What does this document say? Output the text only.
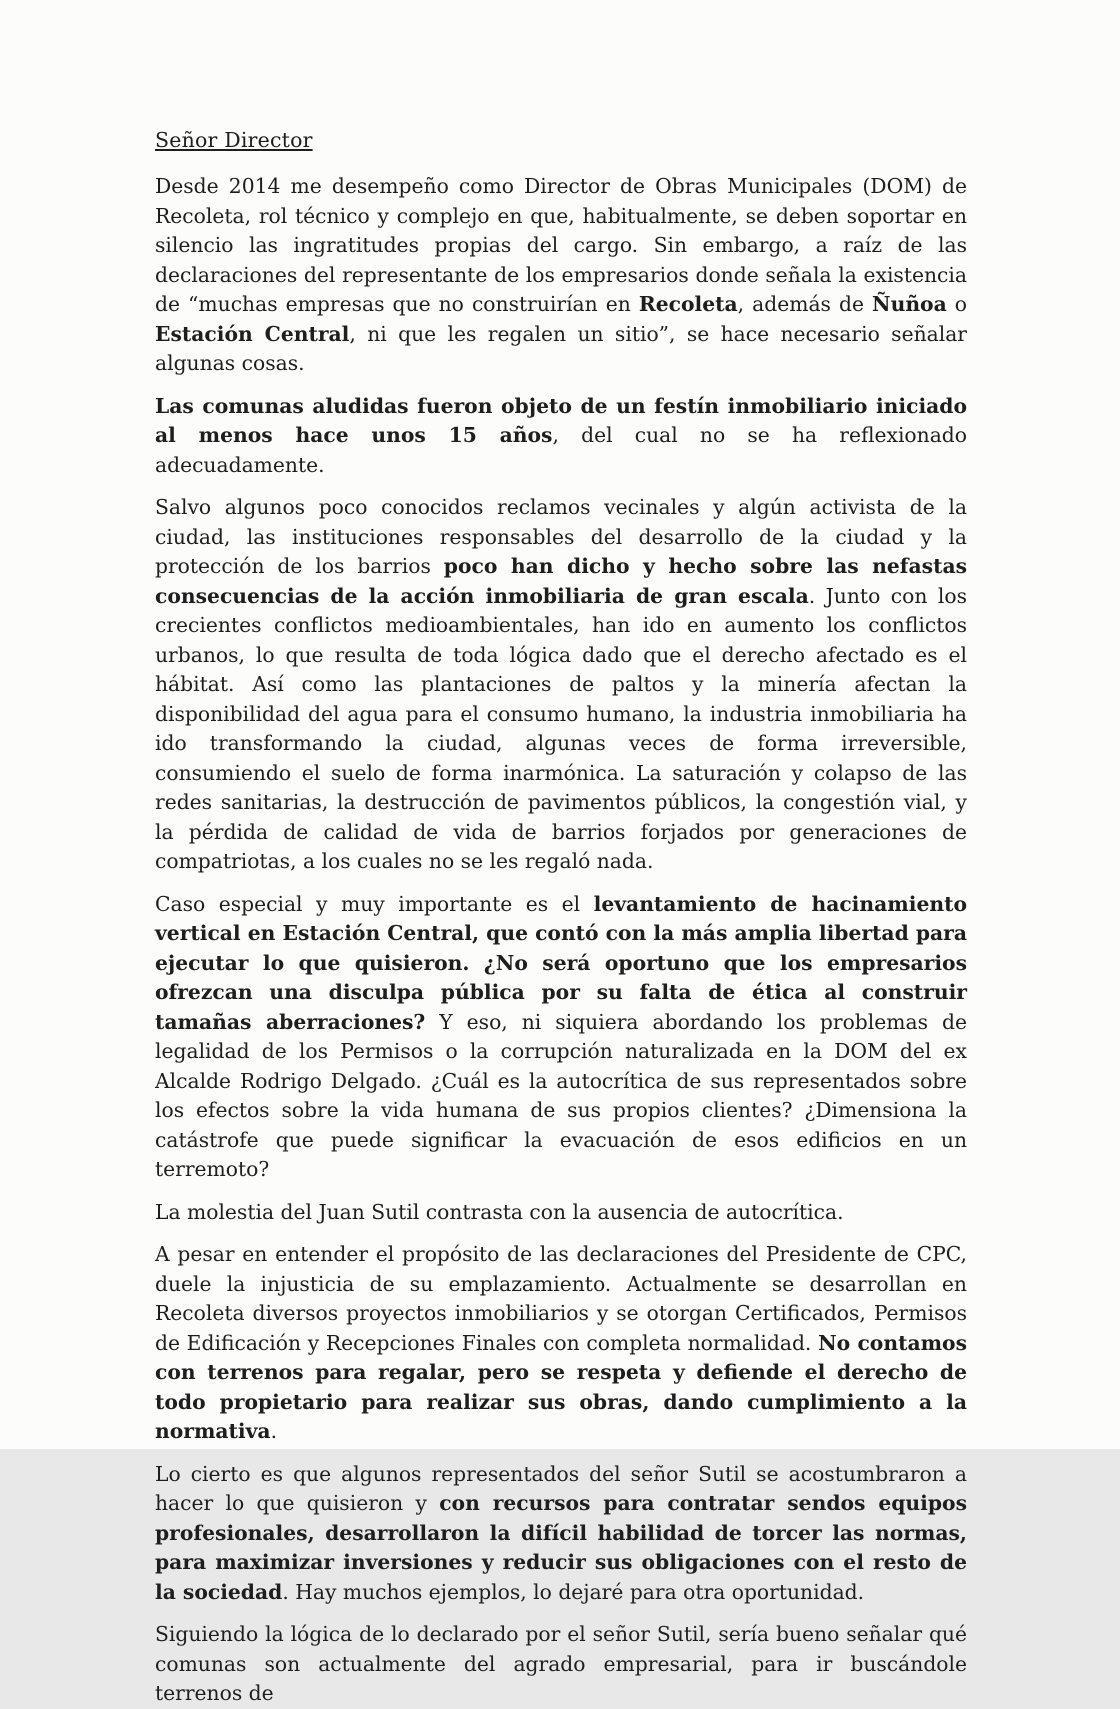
Señor Director

Desde 2014 me desempeño como Director de Obras Municipales (DOM) de Recoleta, rol técnico y complejo en que, habitualmente, se deben soportar en silencio las ingratitudes propias del cargo. Sin embargo, a raíz de las declaraciones del representante de los empresarios donde señala la existencia de “muchas empresas que no construirían en Recoleta, además de Ñuñoa o Estación Central, ni que les regalen un sitio”, se hace necesario señalar algunas cosas.

Las comunas aludidas fueron objeto de un festín inmobiliario iniciado al menos hace unos 15 años, del cual no se ha reflexionado adecuadamente.

Salvo algunos poco conocidos reclamos vecinales y algún activista de la ciudad, las instituciones responsables del desarrollo de la ciudad y la protección de los barrios poco han dicho y hecho sobre las nefastas consecuencias de la acción inmobiliaria de gran escala. Junto con los crecientes conflictos medioambientales, han ido en aumento los conflictos urbanos, lo que resulta de toda lógica dado que el derecho afectado es el hábitat. Así como las plantaciones de paltos y la minería afectan la disponibilidad del agua para el consumo humano, la industria inmobiliaria ha ido transformando la ciudad, algunas veces de forma irreversible, consumiendo el suelo de forma inarmónica. La saturación y colapso de las redes sanitarias, la destrucción de pavimentos públicos, la congestión vial, y la pérdida de calidad de vida de barrios forjados por generaciones de compatriotas, a los cuales no se les regaló nada.

Caso especial y muy importante es el levantamiento de hacinamiento vertical en Estación Central, que contó con la más amplia libertad para ejecutar lo que quisieron. ¿No será oportuno que los empresarios ofrezcan una disculpa pública por su falta de ética al construir tamañas aberraciones? Y eso, ni siquiera abordando los problemas de legalidad de los Permisos o la corrupción naturalizada en la DOM del ex Alcalde Rodrigo Delgado. ¿Cuál es la autocrítica de sus representados sobre los efectos sobre la vida humana de sus propios clientes? ¿Dimensiona la catástrofe que puede significar la evacuación de esos edificios en un terremoto?

La molestia del Juan Sutil contrasta con la ausencia de autocrítica.

A pesar en entender el propósito de las declaraciones del Presidente de CPC, duele la injusticia de su emplazamiento. Actualmente se desarrollan en Recoleta diversos proyectos inmobiliarios y se otorgan Certificados, Permisos de Edificación y Recepciones Finales con completa normalidad. No contamos con terrenos para regalar, pero se respeta y defiende el derecho de todo propietario para realizar sus obras, dando cumplimiento a la normativa.

Lo cierto es que algunos representados del señor Sutil se acostumbraron a hacer lo que quisieron y con recursos para contratar sendos equipos profesionales, desarrollaron la difícil habilidad de torcer las normas, para maximizar inversiones y reducir sus obligaciones con el resto de la sociedad. Hay muchos ejemplos, lo dejaré para otra oportunidad.

Siguiendo la lógica de lo declarado por el señor Sutil, sería bueno señalar qué comunas son actualmente del agrado empresarial, para ir buscándole terrenos de
